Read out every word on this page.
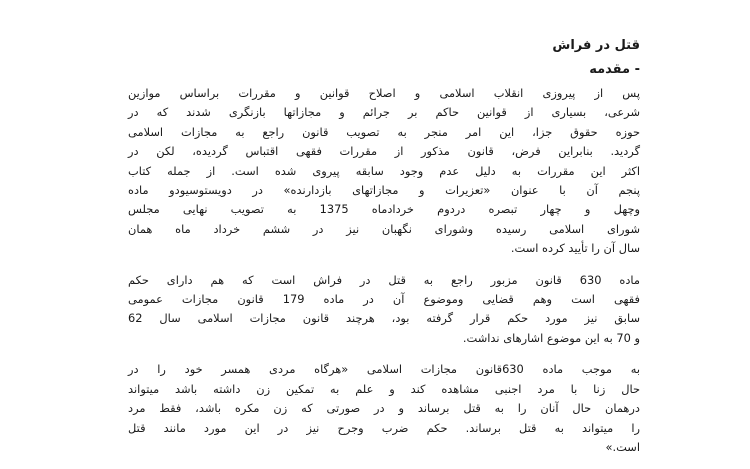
قتل در فراش
- مقدمه
پس از پیروزی انقلاب اسلامی و اصلاح قوانین و مقررات براساس موازین
شرعی، بسیاری از قوانین حاکم بر جرائم و مجازاتها بازنگری شدند که در
حوزه حقوق جزا، این امر منجر به تصویب قانون راجع به مجازات اسلامی
گردید. بنابراین فرض، قانون مذکور از مقررات فقهی اقتباس گردیده، لکن در
اکثر این مقررات به دلیل عدم وجود سابقه پیروی شده است. از جمله کتاب
پنجم آن با عنوان «تعزیرات و مجازاتهای بازدارنده» در دویستوسیودو ماده
وچهل و چهار تبصره دردوم خردادماه 1375 به تصویب نهایی مجلس
شورای اسلامی رسیده وشورای نگهبان نیز در ششم خرداد ماه همان
سال آن را تأیید کرده است.
ماده 630 قانون مزبور راجع به قتل در فراش است که هم دارای حکم
فقهی است وهم قضایی وموضوع آن در ماده 179 قانون مجازات عمومی
سابق نیز مورد حکم قرار گرفته بود، هرچند قانون مجازات اسلامی سال 62
و 70 به این موضوع اشارهای نداشت.
به موجب ماده 630قانون مجازات اسلامی «هرگاه مردی همسر خود را در
حال زنا با مرد اجنبی مشاهده کند و علم به تمکین زن داشته باشد میتواند
درهمان حال آنان را به قتل برساند و در صورتی که زن مکره باشد، فقط مرد
را میتواند به قتل برساند. حکم ضرب وجرح نیز در این مورد مانند قتل
است.»
